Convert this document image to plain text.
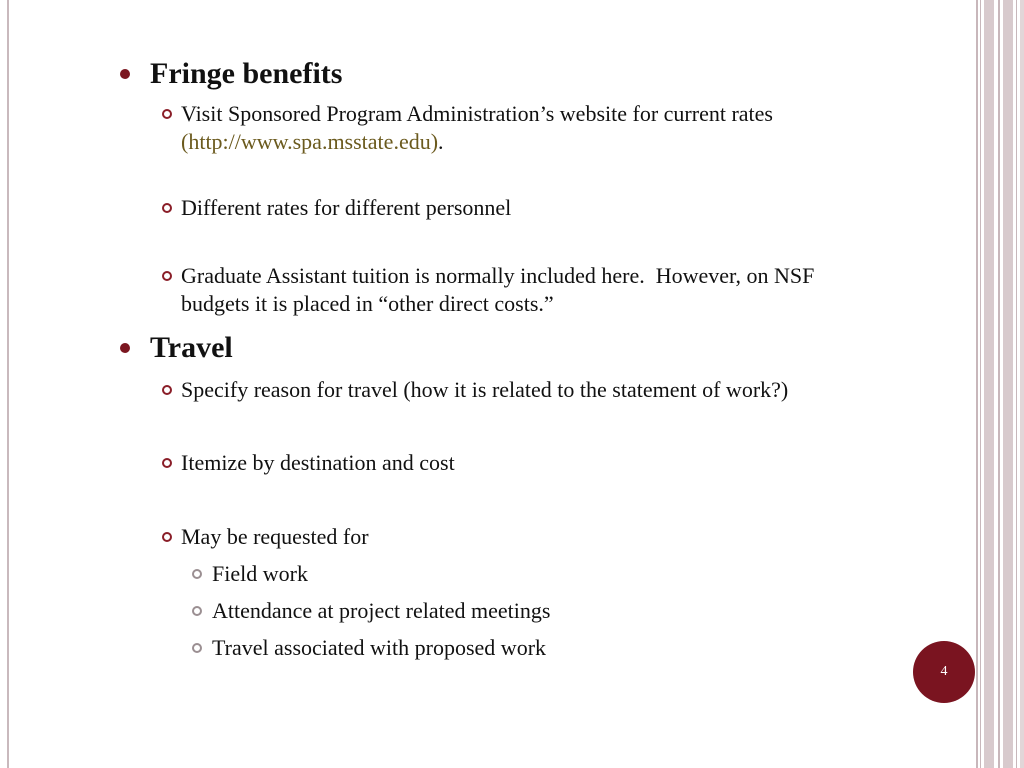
Fringe benefits
Visit Sponsored Program Administration’s website for current rates
(http://www.spa.msstate.edu).
Different rates for different personnel
Graduate Assistant tuition is normally included here.  However, on NSF budgets it is placed in “other direct costs.”
Travel
Specify reason for travel (how it is related to the statement of work?)
Itemize by destination and cost
May be requested for
Field work
Attendance at project related meetings
Travel associated with proposed work
4
